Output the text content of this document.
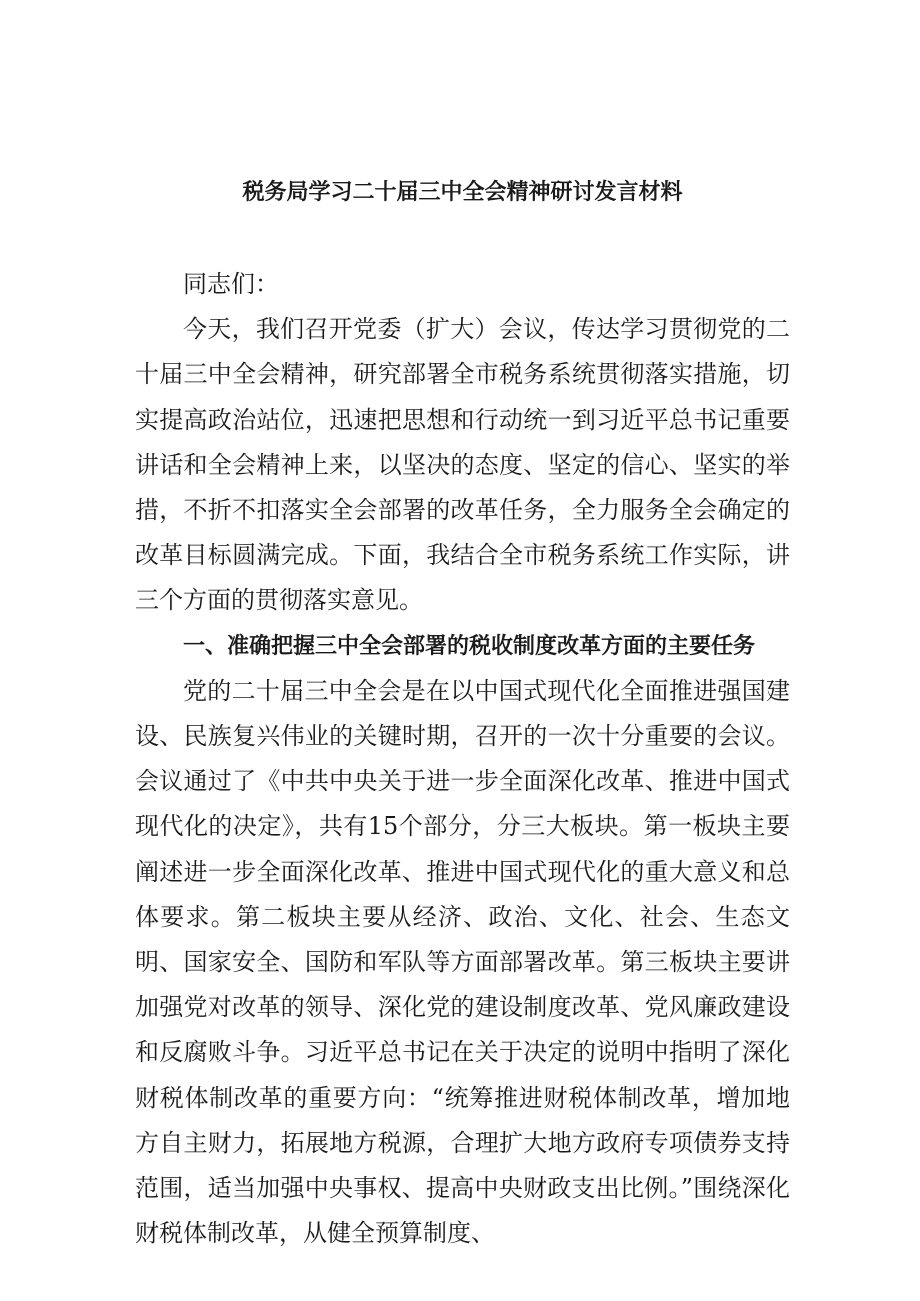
税务局学习二十届三中全会精神研讨发言材料

同志们：

今天，我们召开党委（扩大）会议，传达学习贯彻党的二十届三中全会精神，研究部署全市税务系统贯彻落实措施，切实提高政治站位，迅速把思想和行动统一到习近平总书记重要讲话和全会精神上来，以坚决的态度、坚定的信心、坚实的举措，不折不扣落实全会部署的改革任务，全力服务全会确定的改革目标圆满完成。下面，我结合全市税务系统工作实际，讲三个方面的贯彻落实意见。

一、准确把握三中全会部署的税收制度改革方面的主要任务

党的二十届三中全会是在以中国式现代化全面推进强国建设、民族复兴伟业的关键时期，召开的一次十分重要的会议。会议通过了《中共中央关于进一步全面深化改革、推进中国式现代化的决定》，共有15个部分，分三大板块。第一板块主要阐述进一步全面深化改革、推进中国式现代化的重大意义和总体要求。第二板块主要从经济、政治、文化、社会、生态文明、国家安全、国防和军队等方面部署改革。第三板块主要讲加强党对改革的领导、深化党的建设制度改革、党风廉政建设和反腐败斗争。习近平总书记在关于决定的说明中指明了深化财税体制改革的重要方向：“统筹推进财税体制改革，增加地方自主财力，拓展地方税源，合理扩大地方政府专项债券支持范围，适当加强中央事权、提高中央财政支出比例。”围绕深化财税体制改革，从健全预算制度、
